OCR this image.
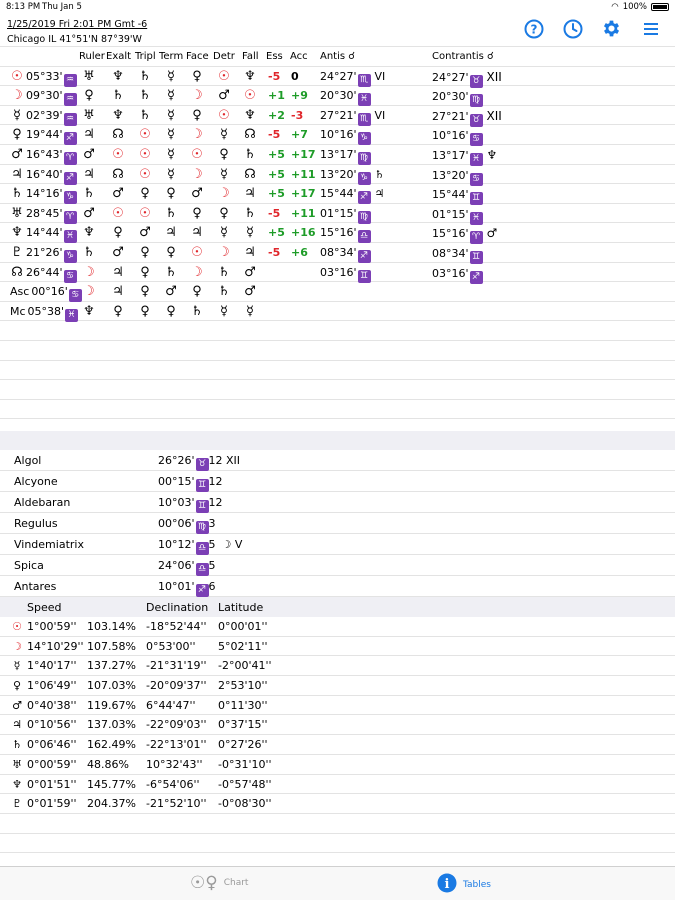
8:13 PM Thu Jan 5	◠ 100%
1/25/2019 Fri 2:01 PM Gmt -6
Chicago IL 41°51'N 87°39'W
?
Ruler Exalt Tripl Term Face Detr Fall Ess Acc Antis ☌	Contrantis ☌
☉ 05°33' ♒ ♅ ♆ ♄ ☿ ♀ ☉ ♆ -5 0 24°27' ♏ VI	24°27' ♉ XII
☽ 09°30' ♒ ♀ ♄ ♄ ☿ ☽ ♂ ☉ +1 +9 20°30' ♓	20°30' ♍
☿ 02°39' ♒ ♅ ♆ ♄ ☿ ♀ ☉ ♆ +2 -3 27°21' ♏ VI	27°21' ♉ XII
♀ 19°44' ♐ ♃ ☊ ☉ ☿ ☽ ☿ ☊ -5 +7 10°16' ♑	10°16' ♋
♂ 16°43' ♈ ♂ ☉ ☉ ☿ ☉ ♀ ♄ +5 +17 13°17' ♍	13°17' ♓ ♆
♃ 16°40' ♐ ♃ ☊ ☉ ☿ ☽ ☿ ☊ +5 +11 13°20' ♑ ♄	13°20' ♋
♄ 14°16' ♑ ♄ ♂ ♀ ♀ ♂ ☽ ♃ +5 +17 15°44' ♐ ♃	15°44' ♊
♅ 28°45' ♈ ♂ ☉ ☉ ♄ ♀ ♀ ♄ -5 +11 01°15' ♍	01°15' ♓
♆ 14°44' ♓ ♆ ♀ ♂ ♃ ♃ ☿ ☿ +5 +16 15°16' ♎	15°16' ♈ ♂
♇ 21°26' ♑ ♄ ♂ ♀ ♀ ☉ ☽ ♃ -5 +6 08°34' ♐	08°34' ♊
☊ 26°44' ♋ ☽ ♃ ♀ ♄ ☽ ♄ ♂	03°16' ♊	03°16' ♐
Asc 00°16' ♋ ☽ ♃ ♀ ♂ ♀ ♄ ♂
Mc 05°38' ♓ ♆ ♀ ♀ ♀ ♄ ☿ ☿
Algol	26°26' ♉ 12 XII
Alcyone	00°15' ♊ 12
Aldebaran	10°03' ♊ 12
Regulus	00°06' ♍ 3
Vindemiatrix	10°12' ♎ 5 ☽ V
Spica	24°06' ♎ 5
Antares	10°01' ♐ 6
Speed	Declination Latitude
☉ 1°00'59'' 103.14% -18°52'44'' 0°00'01''
☽ 14°10'29'' 107.58% 0°53'00'' 5°02'11''
☿ 1°40'17'' 137.27% -21°31'19'' -2°00'41''
♀ 1°06'49'' 107.03% -20°09'37'' 2°53'10''
♂ 0°40'38'' 119.67% 6°44'47'' 0°11'30''
♃ 0°10'56'' 137.03% -22°09'03'' 0°37'15''
♄ 0°06'46'' 162.49% -22°13'01'' 0°27'26''
♅ 0°00'59'' 48.86% 10°32'43'' -0°31'10''
♆ 0°01'51'' 145.77% -6°54'06'' -0°57'48''
♇ 0°01'59'' 204.37% -21°52'10'' -0°08'30''
☉♀ Chart	i Tables
